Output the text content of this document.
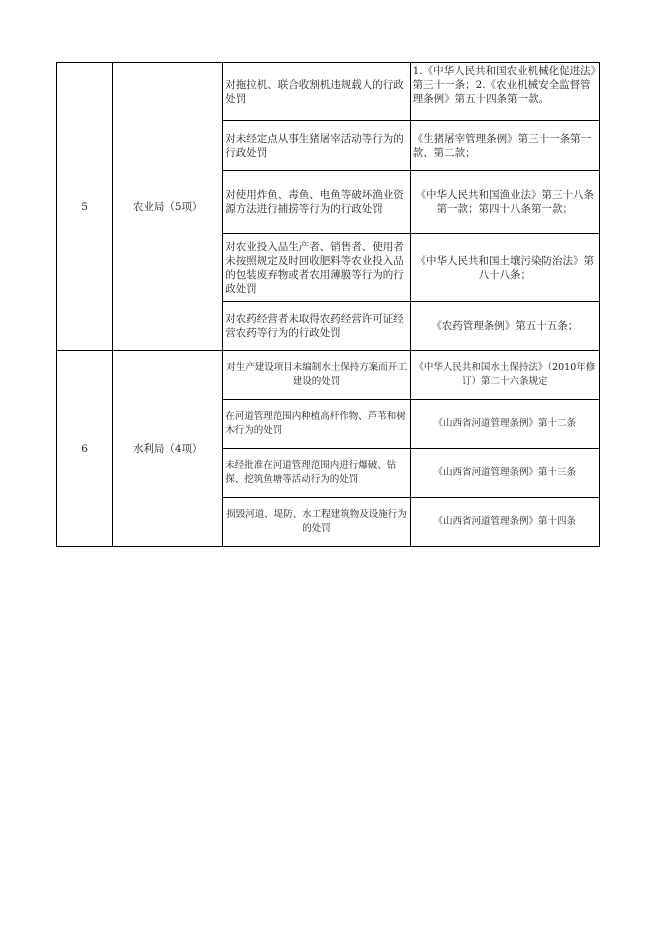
5	农业局（5项）	对拖拉机、联合收割机违规载人的行政处罚	1.《中华人民共和国农业机械化促进法》第三十一条；2.《农业机械安全监督管理条例》第五十四条第一款。

		对未经定点从事生猪屠宰活动等行为的行政处罚	《生猪屠宰管理条例》第三十一条第一款、第二款；
		对使用炸鱼、毒鱼、电鱼等破坏渔业资源方法进行捕捞等行为的行政处罚	《中华人民共和国渔业法》第三十八条第一款；第四十八条第一款；
		对农业投入品生产者、销售者、使用者未按照规定及时回收肥料等农业投入品的包装废弃物或者农用薄膜等行为的行政处罚	《中华人民共和国土壤污染防治法》第八十八条；
		对农药经营者未取得农药经营许可证经营农药等行为的行政处罚	《农药管理条例》第五十五条；
6	水利局（4项）	对生产建设项目未编制水土保持方案而开工建设的处罚	《中华人民共和国水土保持法》（2010年修订）第二十六条规定
		在河道管理范围内种植高杆作物、芦苇和树木行为的处罚	《山西省河道管理条例》第十二条
		未经批准在河道管理范围内进行爆破、钻探、挖筑鱼塘等活动行为的处罚	《山西省河道管理条例》第十三条
		损毁河道、堤防、水工程建筑物及设施行为的处罚	《山西省河道管理条例》第十四条
